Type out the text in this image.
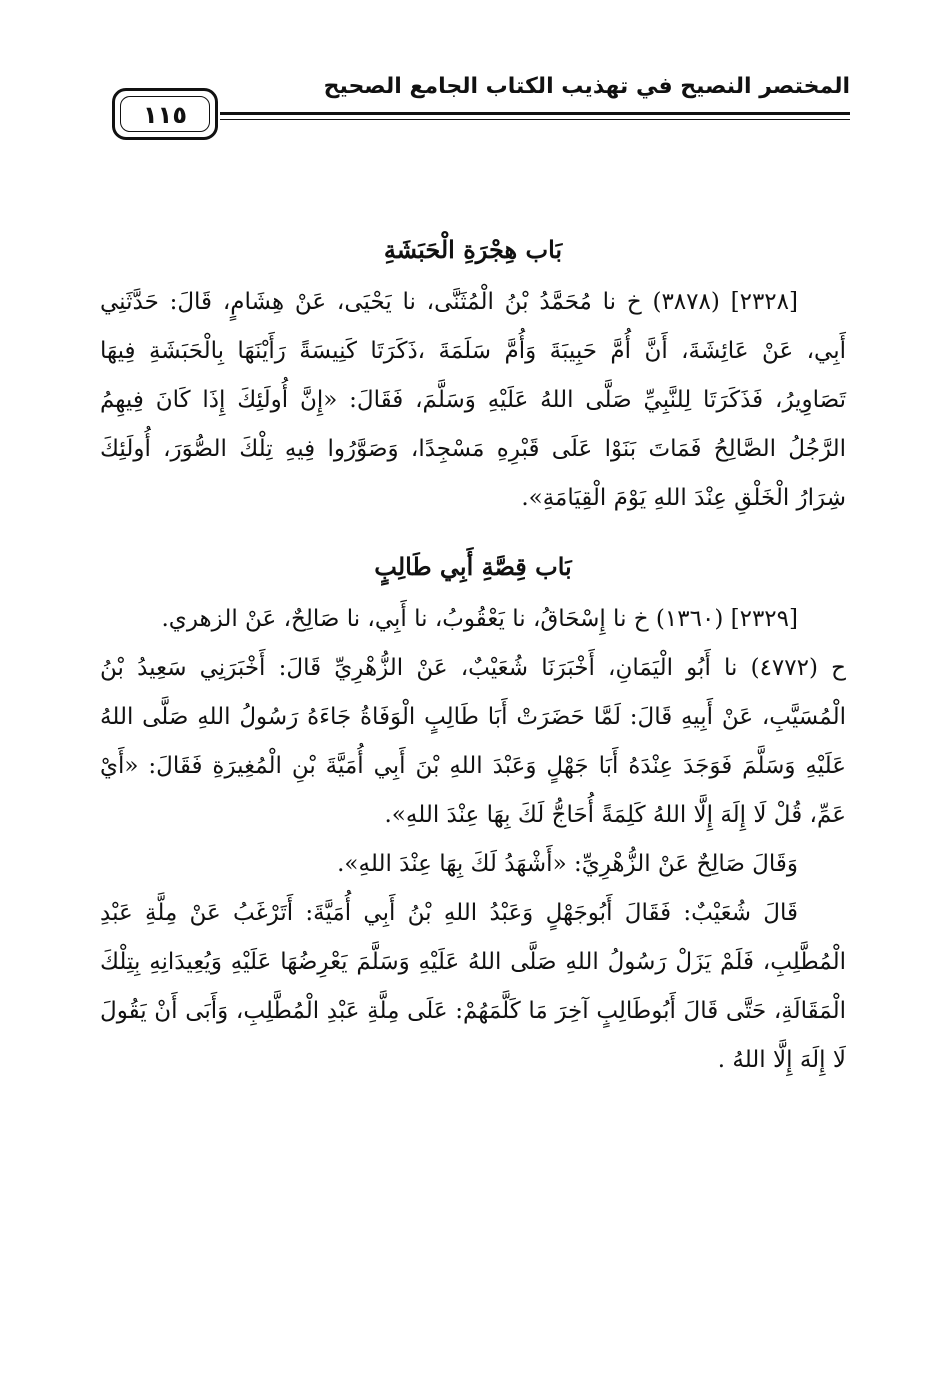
المختصر النصيح في تهذيب الكتاب الجامع الصحيح
١١٥

بَاب هِجْرَةِ الْحَبَشَةِ

[٢٣٢٨] (٣٨٧٨) خ نا مُحَمَّدُ بْنُ الْمُثَنَّى، نا يَحْيَى، عَنْ هِشَامٍ، قَالَ: حَدَّثَنِي أَبِي، عَنْ عَائِشَةَ، أَنَّ أُمَّ حَبِيبَةَ وَأُمَّ سَلَمَةَ ،ذَكَرَتَا كَنِيسَةً رَأَيْنَهَا بِالْحَبَشَةِ فِيهَا تَصَاوِيرُ، فَذَكَرَتَا لِلنَّبِيِّ صَلَّى اللهُ عَلَيْهِ وَسَلَّمَ، فَقَالَ: «إِنَّ أُولَئِكَ إِذَا كَانَ فِيهِمُ الرَّجُلُ الصَّالِحُ فَمَاتَ بَنَوْا عَلَى قَبْرِهِ مَسْجِدًا، وَصَوَّرُوا فِيهِ تِلْكَ الصُّوَرَ، أُولَئِكَ شِرَارُ الْخَلْقِ عِنْدَ اللهِ يَوْمَ الْقِيَامَةِ».

بَاب قِصَّةِ أَبِي طَالِبٍ

[٢٣٢٩] (١٣٦٠) خ نا إِسْحَاقُ، نا يَعْقُوبُ، نا أَبِي، نا صَالِحٌ، عَنْ الزهري.

ح (٤٧٧٢) نا أَبُو الْيَمَانِ، أَخْبَرَنَا شُعَيْبٌ، عَنْ الزُّهْرِيِّ قَالَ: أَخْبَرَنِي سَعِيدُ بْنُ الْمُسَيَّبِ، عَنْ أَبِيهِ قَالَ: لَمَّا حَضَرَتْ أَبَا طَالِبٍ الْوَفَاةُ جَاءَهُ رَسُولُ اللهِ صَلَّى اللهُ عَلَيْهِ وَسَلَّمَ فَوَجَدَ عِنْدَهُ أَبَا جَهْلٍ وَعَبْدَ اللهِ بْنَ أَبِي أُمَيَّةَ بْنِ الْمُغِيرَةِ فَقَالَ: «أَيْ عَمِّ، قُلْ لَا إِلَهَ إِلَّا اللهُ كَلِمَةً أُحَاجُّ لَكَ بِهَا عِنْدَ اللهِ».

وَقَالَ صَالِحٌ عَنْ الزُّهْرِيِّ: «أَشْهَدُ لَكَ بِهَا عِنْدَ اللهِ».

قَالَ شُعَيْبٌ: فَقَالَ أَبُوجَهْلٍ وَعَبْدُ اللهِ بْنُ أَبِي أُمَيَّةَ: أَتَرْغَبُ عَنْ مِلَّةِ عَبْدِ الْمُطَّلِبِ، فَلَمْ يَزَلْ رَسُولُ اللهِ صَلَّى اللهُ عَلَيْهِ وَسَلَّمَ يَعْرِضُهَا عَلَيْهِ وَيُعِيدَانِهِ بِتِلْكَ الْمَقَالَةِ، حَتَّى قَالَ أَبُوطَالِبٍ آخِرَ مَا كَلَّمَهُمْ: عَلَى مِلَّةِ عَبْدِ الْمُطَّلِبِ، وَأَبَى أَنْ يَقُولَ لَا إِلَهَ إِلَّا اللهُ .
